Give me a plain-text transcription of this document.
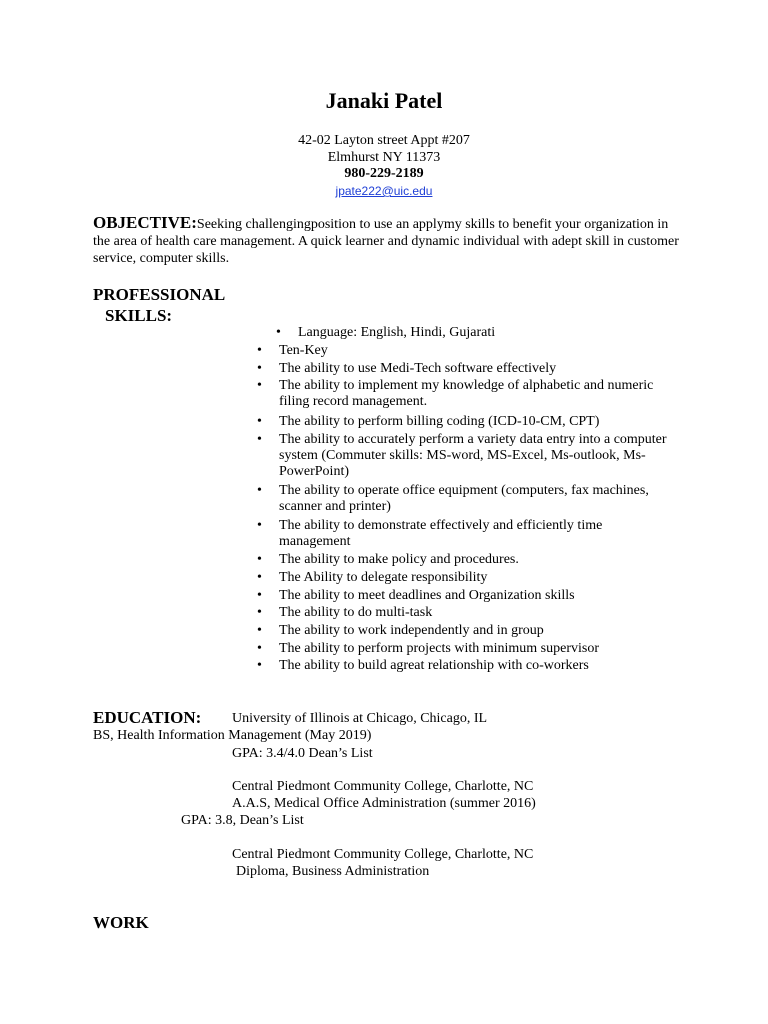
Janaki Patel
42-02 Layton street Appt #207
Elmhurst NY 11373
980-229-2189
jpate222@uic.edu
OBJECTIVE:Seeking challengingposition to use an applymy skills to benefit your organization in the area of health care management. A quick learner and dynamic individual with adept skill in customer service, computer skills.
PROFESSIONAL
SKILLS:
• Language: English, Hindi, Gujarati
• Ten-Key
• The ability to use Medi-Tech software effectively
• The ability to implement my knowledge of alphabetic and numeric filing record management.
• The ability to perform billing coding (ICD-10-CM, CPT)
• The ability to accurately perform a variety data entry into a computer system (Commuter skills: MS-word, MS-Excel, Ms-outlook, Ms-PowerPoint)
• The ability to operate office equipment (computers, fax machines, scanner and printer)
• The ability to demonstrate effectively and efficiently time management
• The ability to make policy and procedures.
• The Ability to delegate responsibility
• The ability to meet deadlines and Organization skills
• The ability to do multi-task
• The ability to work independently and in group
• The ability to perform projects with minimum supervisor
• The ability to build agreat relationship with co-workers
EDUCATION: University of Illinois at Chicago, Chicago, IL
BS, Health Information Management (May 2019)
GPA: 3.4/4.0 Dean’s List
Central Piedmont Community College, Charlotte, NC
A.A.S, Medical Office Administration (summer 2016)
GPA: 3.8, Dean’s List
Central Piedmont Community College, Charlotte, NC
Diploma, Business Administration
WORK
